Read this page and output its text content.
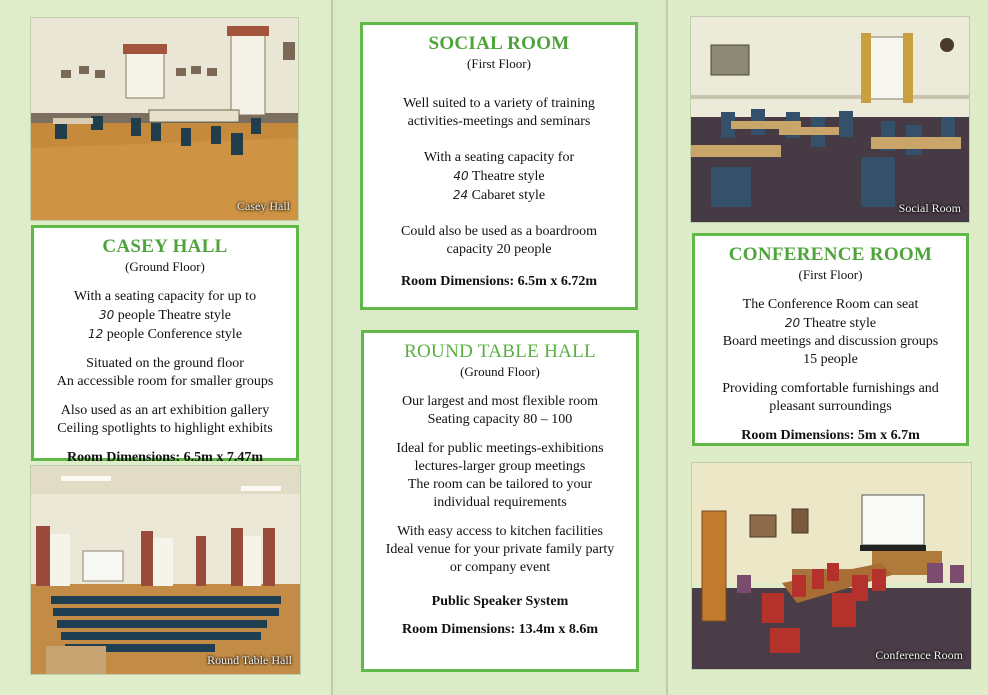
Casey Hall
CASEY HALL
(Ground Floor)

With a seating capacity for up to
30 people Theatre style
12 people Conference style

Situated on the ground floor
An accessible room for smaller groups

Also used as an art exhibition gallery
Ceiling spotlights to highlight exhibits

Room Dimensions: 6.5m x 7.47m
Round Table Hall
SOCIAL ROOM
(First Floor)

Well suited to a variety of training
activities-meetings and seminars

With a seating capacity for
40 Theatre style
24 Cabaret style

Could also be used as a boardroom
capacity 20 people

Room Dimensions: 6.5m x 6.72m
ROUND TABLE HALL
(Ground Floor)

Our largest and most flexible room
Seating capacity 80 – 100

Ideal for public meetings-exhibitions
lectures-larger group meetings
The room can be tailored to your
individual requirements

With easy access to kitchen facilities
Ideal venue for your private family party
or company event

Public Speaker System
Room Dimensions: 13.4m x 8.6m
Social Room
CONFERENCE ROOM
(First Floor)

The Conference Room can seat
20 Theatre style
Board meetings and discussion groups
15 people

Providing comfortable furnishings and
pleasant surroundings

Room Dimensions: 5m x 6.7m
Conference Room
